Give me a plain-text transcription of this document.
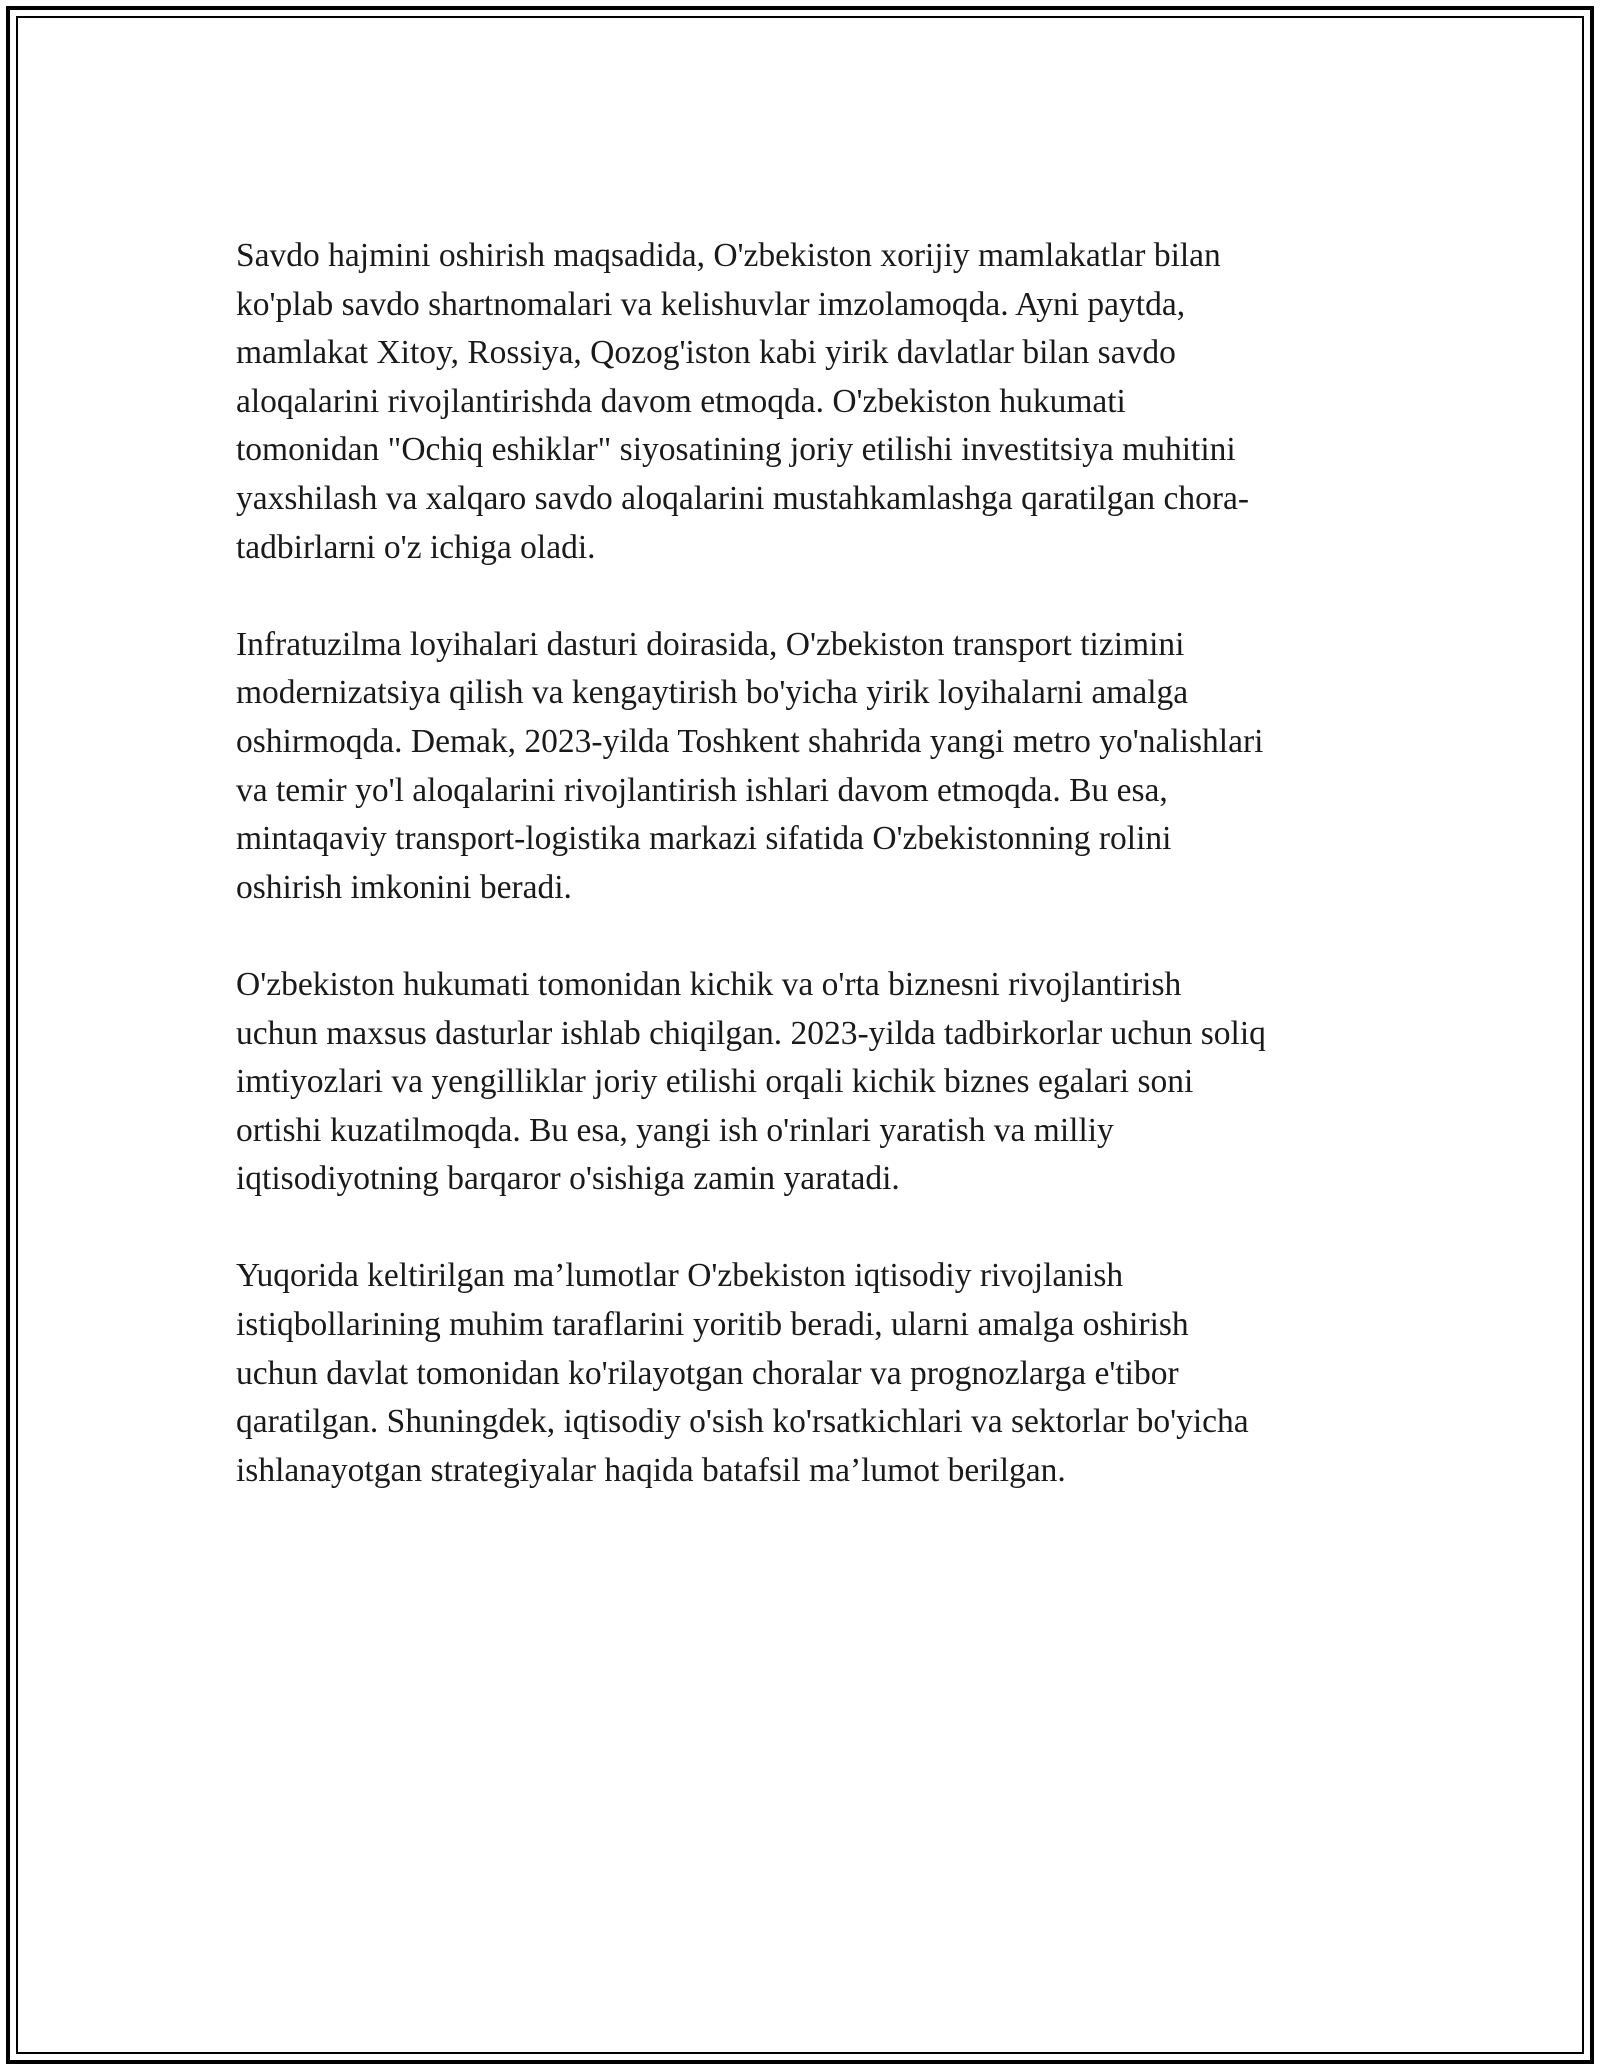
Savdo hajmini oshirish maqsadida, O'zbekiston xorijiy mamlakatlar bilan
ko'plab savdo shartnomalari va kelishuvlar imzolamoqda. Ayni paytda,
mamlakat Xitoy, Rossiya, Qozog'iston kabi yirik davlatlar bilan savdo
aloqalarini rivojlantirishda davom etmoqda. O'zbekiston hukumati
tomonidan "Ochiq eshiklar" siyosatining joriy etilishi investitsiya muhitini
yaxshilash va xalqaro savdo aloqalarini mustahkamlashga qaratilgan chora-
tadbirlarni o'z ichiga oladi.

Infratuzilma loyihalari dasturi doirasida, O'zbekiston transport tizimini
modernizatsiya qilish va kengaytirish bo'yicha yirik loyihalarni amalga
oshirmoqda. Demak, 2023-yilda Toshkent shahrida yangi metro yo'nalishlari
va temir yo'l aloqalarini rivojlantirish ishlari davom etmoqda. Bu esa,
mintaqaviy transport-logistika markazi sifatida O'zbekistonning rolini
oshirish imkonini beradi.

O'zbekiston hukumati tomonidan kichik va o'rta biznesni rivojlantirish
uchun maxsus dasturlar ishlab chiqilgan. 2023-yilda tadbirkorlar uchun soliq
imtiyozlari va yengilliklar joriy etilishi orqali kichik biznes egalari soni
ortishi kuzatilmoqda. Bu esa, yangi ish o'rinlari yaratish va milliy
iqtisodiyotning barqaror o'sishiga zamin yaratadi.

Yuqorida keltirilgan ma’lumotlar O'zbekiston iqtisodiy rivojlanish
istiqbollarining muhim taraflarini yoritib beradi, ularni amalga oshirish
uchun davlat tomonidan ko'rilayotgan choralar va prognozlarga e'tibor
qaratilgan. Shuningdek, iqtisodiy o'sish ko'rsatkichlari va sektorlar bo'yicha
ishlanayotgan strategiyalar haqida batafsil ma’lumot berilgan.
